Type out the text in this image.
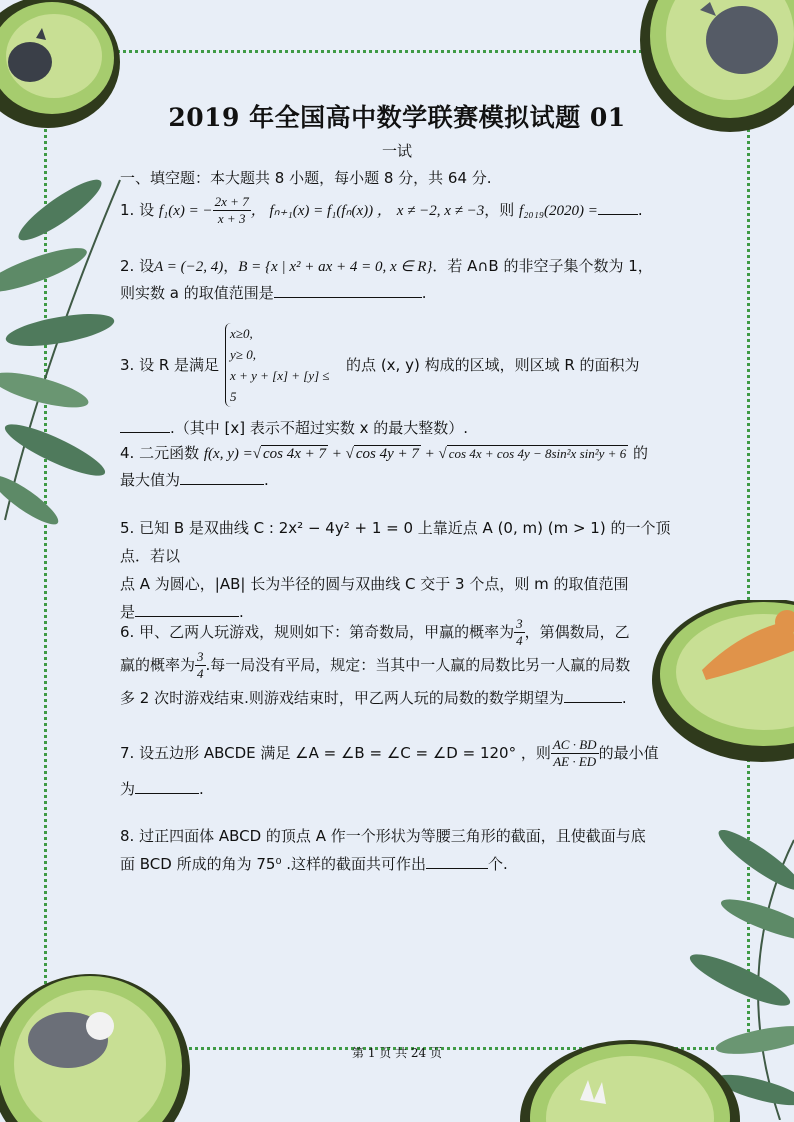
2019 年全国高中数学联赛模拟试题 01
一试
一、填空题：本大题共 8 小题，每小题 8 分，共 64 分.
1. 设 f₁(x) = − $\frac{2x + 7}{x + 3}$ ， fₙ₊₁(x) = f₁(fₙ(x)) ， x ≠ −2, x ≠ −3，则 f₂₀₁₉(2020) =	.
2. 设A = (−2, 4)，B = {x | x² + ax + 4 = 0, x ∈ R}．若 A∩B 的非空子集个数为 1，
则实数 a 的取值范围是	.
3. 设 R 是满足
x≥0,
y≥ 0,
x + y + [x] + [y] ≤ 5
的点 (x, y) 构成的区域，则区域 R 的面积为
.（其中 [x] 表示不超过实数 x 的最大整数）.
4. 二元函数 f(x, y) =√ cos 4x + 7 + √ cos 4y + 7 + √ cos 4x + cos 4y − 8sin²x sin²y + 6 的
最大值为	.
5. 已知 B 是双曲线 C : 2x² − 4y² + 1 = 0 上靠近点 A (0, m) (m > 1) 的一个顶点．若以
点 A 为圆心，|AB| 长为半径的圆与双曲线 C 交于 3 个点，则 m 的取值范围
是	.
6. 甲、乙两人玩游戏，规则如下：第奇数局，甲赢的概率为 $\frac{3}{4}$ ，第偶数局，乙
赢的概率为 $\frac{3}{4}$ .每一局没有平局，规定：当其中一人赢的局数比另一人赢的局数
多 2 次时游戏结束.则游戏结束时，甲乙两人玩的局数的数学期望为	.
7. 设五边形 ABCDE 满足 ∠A = ∠B = ∠C = ∠D = 120° ，则 $\frac{AC \cdot BD}{AE \cdot ED}$ 的最小值
为	.
8. 过正四面体 ABCD 的顶点 A 作一个形状为等腰三角形的截面，且使截面与底
面 BCD 所成的角为 75⁰ .这样的截面共可作出	个.
第 1 页 共 24 页
